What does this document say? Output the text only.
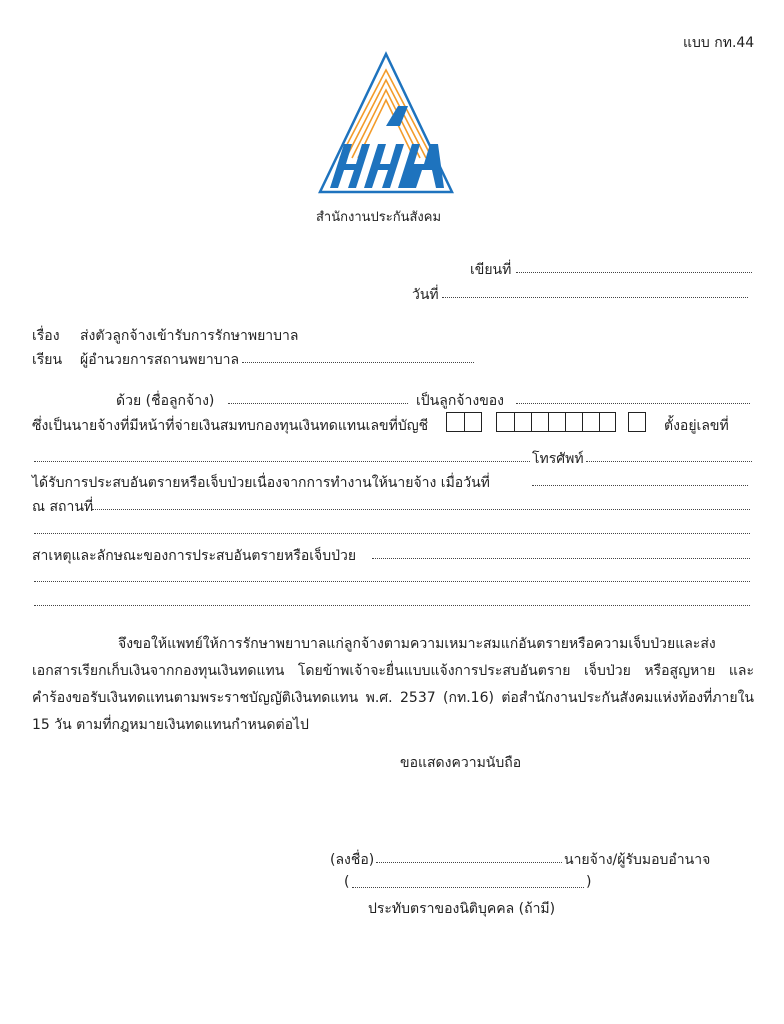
แบบ กท.44
สำนักงานประกันสังคม
เขียนที่
วันที่
เรื่อง ส่งตัวลูกจ้างเข้ารับการรักษาพยาบาล
เรียน ผู้อำนวยการสถานพยาบาล
ด้วย (ชื่อลูกจ้าง)	เป็นลูกจ้างของ
ซึ่งเป็นนายจ้างที่มีหน้าที่จ่ายเงินสมทบกองทุนเงินทดแทนเลขที่บัญชี	ตั้งอยู่เลขที่
โทรศัพท์
ได้รับการประสบอันตรายหรือเจ็บป่วยเนื่องจากการทำงานให้นายจ้าง เมื่อวันที่
ณ สถานที่
สาเหตุและลักษณะของการประสบอันตรายหรือเจ็บป่วย
จึงขอให้แพทย์ให้การรักษาพยาบาลแก่ลูกจ้างตามความเหมาะสมแก่อันตรายหรือความเจ็บป่วยและส่งเอกสารเรียกเก็บเงินจากกองทุนเงินทดแทน โดยข้าพเจ้าจะยื่นแบบแจ้งการประสบอันตราย เจ็บป่วย หรือสูญหาย และคำร้องขอรับเงินทดแทนตามพระราชบัญญัติเงินทดแทน พ.ศ. 2537 (กท.16) ต่อสำนักงานประกันสังคมแห่งท้องที่ภายใน 15 วัน ตามที่กฎหมายเงินทดแทนกำหนดต่อไป
ขอแสดงความนับถือ
(ลงชื่อ)	นายจ้าง/ผู้รับมอบอำนาจ
(	)
ประทับตราของนิติบุคคล (ถ้ามี)
